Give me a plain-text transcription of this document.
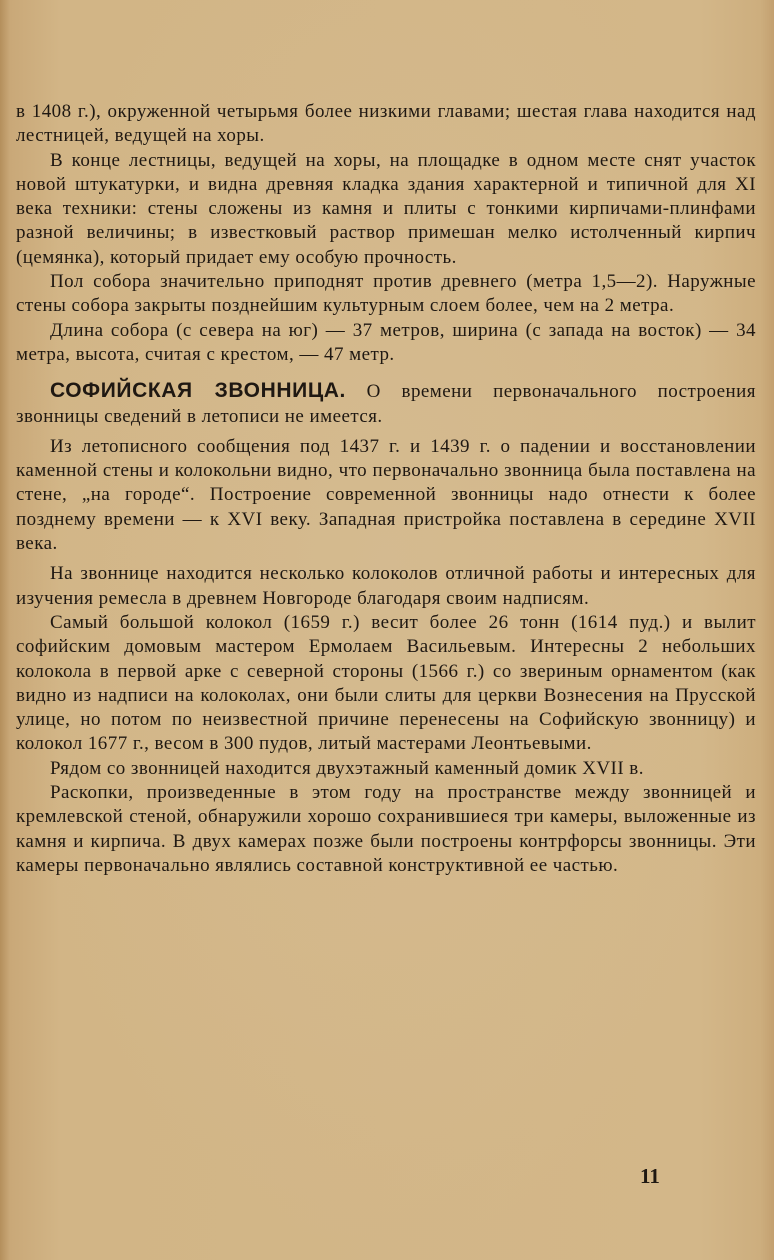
в 1408 г.), окруженной четырьмя более низкими главами; шестая глава находится над лестницей, ведущей на хоры.

В конце лестницы, ведущей на хоры, на площадке в одном месте снят участок новой штукатурки, и видна древняя кладка здания характерной и типичной для XI века техники: стены сложены из камня и плиты с тонкими кирпичами-плинфами разной величины; в известковый раствор примешан мелко истолченный кирпич (цемянка), который придает ему особую прочность.

Пол собора значительно приподнят против древнего (метра 1,5—2). Наружные стены собора закрыты позднейшим культурным слоем более, чем на 2 метра.

Длина собора (с севера на юг) — 37 метров, ширина (с запада на восток) — 34 метра, высота, считая с крестом, — 47 метр.

СОФИЙСКАЯ ЗВОННИЦА. О времени первоначального построения звонницы сведений в летописи не имеется.

Из летописного сообщения под 1437 г. и 1439 г. о падении и восстановлении каменной стены и колокольни видно, что первоначально звонница была поставлена на стене, „на городе“. Построение современной звонницы надо отнести к более позднему времени — к XVI веку. Западная пристройка поставлена в середине XVII века.

На звоннице находится несколько колоколов отличной работы и интересных для изучения ремесла в древнем Новгороде благодаря своим надписям.

Самый большой колокол (1659 г.) весит более 26 тонн (1614 пуд.) и вылит софийским домовым мастером Ермолаем Васильевым. Интересны 2 небольших колокола в первой арке с северной стороны (1566 г.) со звериным орнаментом (как видно из надписи на колоколах, они были слиты для церкви Вознесения на Прусской улице, но потом по неизвестной причине перенесены на Софийскую звонницу) и колокол 1677 г., весом в 300 пудов, литый мастерами Леонтьевыми.

Рядом со звонницей находится двухэтажный каменный домик XVII в.

Раскопки, произведенные в этом году на пространстве между звонницей и кремлевской стеной, обнаружили хорошо сохранившиеся три камеры, выложенные из камня и кирпича. В двух камерах позже были построены контрфорсы звонницы. Эти камеры первоначально являлись составной конструктивной ее частью.

11
